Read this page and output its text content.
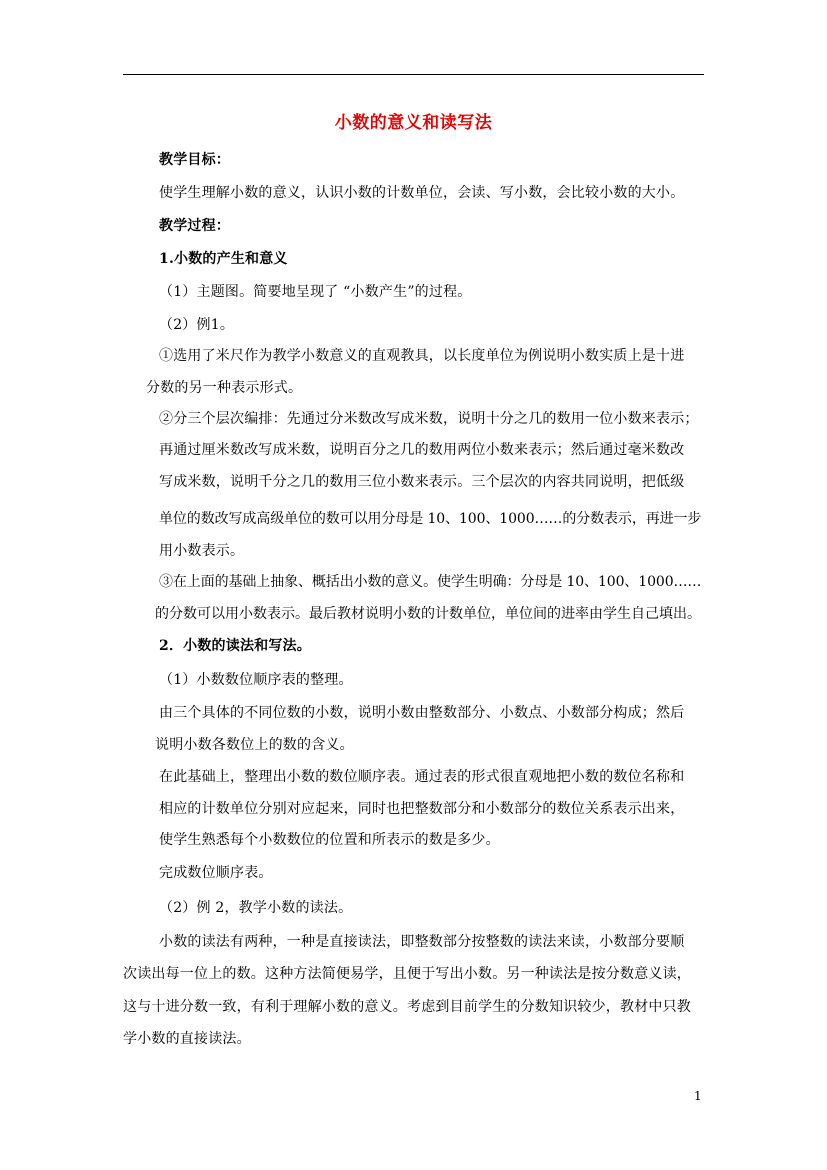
小数的意义和读写法
教学目标：
使学生理解小数的意义，认识小数的计数单位，会读、写小数，会比较小数的大小。
教学过程：
1.小数的产生和意义
（1）主题图。简要地呈现了 “小数产生”的过程。
（2）例1。
①选用了米尺作为教学小数意义的直观教具，以长度单位为例说明小数实质上是十进
分数的另一种表示形式。
②分三个层次编排：先通过分米数改写成米数，说明十分之几的数用一位小数来表示；
再通过厘米数改写成米数，说明百分之几的数用两位小数来表示；然后通过毫米数改
写成米数，说明千分之几的数用三位小数来表示。三个层次的内容共同说明，把低级
单位的数改写成高级单位的数可以用分母是 10、100、1000……的分数表示，再进一步
用小数表示。
③在上面的基础上抽象、概括出小数的意义。使学生明确：分母是 10、100、1000……
的分数可以用小数表示。最后教材说明小数的计数单位，单位间的进率由学生自己填出。
2．小数的读法和写法。
（1）小数数位顺序表的整理。
由三个具体的不同位数的小数，说明小数由整数部分、小数点、小数部分构成；然后
说明小数各数位上的数的含义。
在此基础上，整理出小数的数位顺序表。通过表的形式很直观地把小数的数位名称和
相应的计数单位分别对应起来，同时也把整数部分和小数部分的数位关系表示出来，
使学生熟悉每个小数数位的位置和所表示的数是多少。
完成数位顺序表。
（2）例 2，教学小数的读法。
小数的读法有两种，一种是直接读法，即整数部分按整数的读法来读，小数部分要顺
次读出每一位上的数。这种方法简便易学，且便于写出小数。另一种读法是按分数意义读，
这与十进分数一致，有利于理解小数的意义。考虑到目前学生的分数知识较少，教材中只教
学小数的直接读法。
1
